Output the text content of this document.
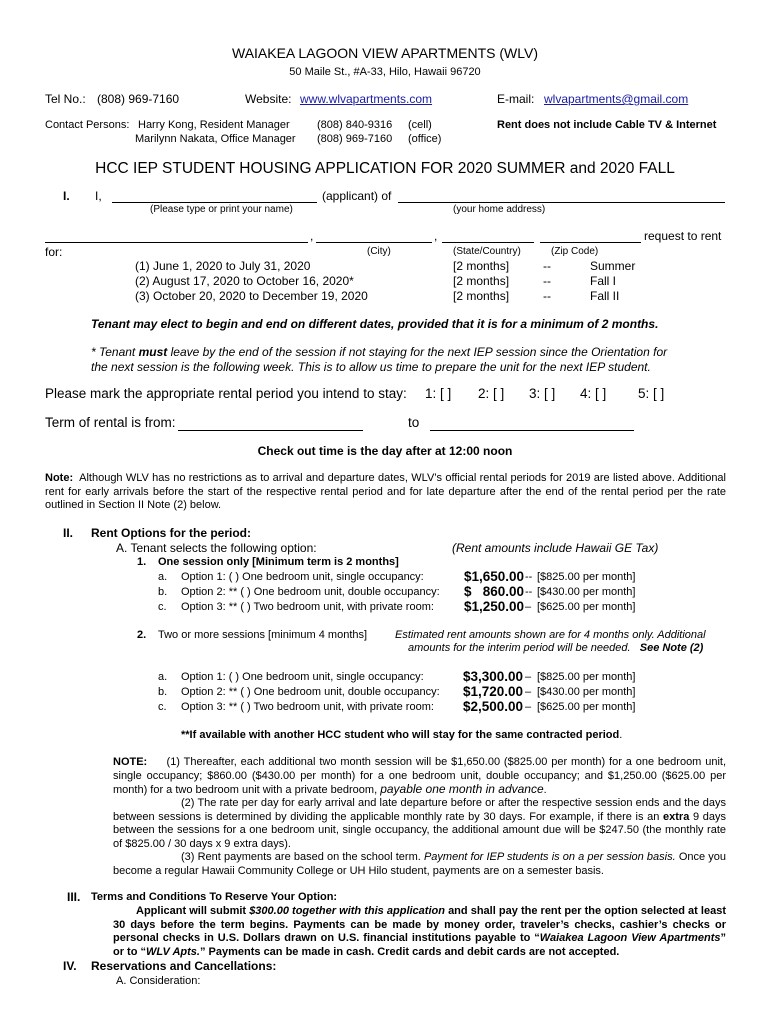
WAIAKEA LAGOON VIEW APARTMENTS (WLV)
50 Maile St., #A-33, Hilo, Hawaii 96720
Tel No.: (808) 969-7160	Website: www.wlvapartments.com	E-mail: wlvapartments@gmail.com
Contact Persons: Harry Kong, Resident Manager (808) 840-9316 (cell)
Marilynn Nakata, Office Manager (808) 969-7160 (office)
Rent does not include Cable TV & Internet
HCC IEP STUDENT HOUSING APPLICATION FOR 2020 SUMMER and 2020 FALL
I. I,	(applicant) of
(Please type or print your name)	(your home address)
,	,	request to rent
for:	(City)	(State/Country)	(Zip Code)
(1) June 1, 2020 to July 31, 2020	[2 months]	--	Summer
(2) August 17, 2020 to October 16, 2020*	[2 months]	--	Fall I
(3) October 20, 2020 to December 19, 2020	[2 months]	--	Fall II
Tenant may elect to begin and end on different dates, provided that it is for a minimum of 2 months.
* Tenant must leave by the end of the session if not staying for the next IEP session since the Orientation for
the next session is the following week. This is to allow us time to prepare the unit for the next IEP student.
Please mark the appropriate rental period you intend to stay: 1: [ ] 2: [ ] 3: [ ] 4: [ ] 5: [ ]
Term of rental is from:	to
Check out time is the day after at 12:00 noon
Note: Although WLV has no restrictions as to arrival and departure dates, WLV’s official rental periods for 2019 are listed above. Additional rent for early arrivals before the start of the respective rental period and for late departure after the end of the rental period per the rate outlined in Section II Note (2) below.
II. Rent Options for the period:
A. Tenant selects the following option:	(Rent amounts include Hawaii GE Tax)
1. One session only [Minimum term is 2 months]
a. Option 1: ( ) One bedroom unit, single occupancy:	$1,650.00 -- [$825.00 per month]
b. Option 2: ** ( ) One bedroom unit, double occupancy: $   860.00 -- [$430.00 per month]
c. Option 3: ** ( ) Two bedroom unit, with private room: $1,250.00 – [$625.00 per month]
2. Two or more sessions [minimum 4 months]	Estimated rent amounts shown are for 4 months only. Additional
amounts for the interim period will be needed. See Note (2)
a. Option 1: ( ) One bedroom unit, single occupancy:	$3,300.00 – [$825.00 per month]
b. Option 2: ** ( ) One bedroom unit, double occupancy: $1,720.00 – [$430.00 per month]
c. Option 3: ** ( ) Two bedroom unit, with private room: $2,500.00 – [$625.00 per month]
**If available with another HCC student who will stay for the same contracted period.
NOTE: (1) Thereafter, each additional two month session will be $1,650.00 ($825.00 per month) for a one bedroom unit, single occupancy; $860.00 ($430.00 per month) for a one bedroom unit, double occupancy; and $1,250.00 ($625.00 per month) for a two bedroom unit with a private bedroom, payable one month in advance.
(2) The rate per day for early arrival and late departure before or after the respective session ends and the days between sessions is determined by dividing the applicable monthly rate by 30 days. For example, if there is an extra 9 days between the sessions for a one bedroom unit, single occupancy, the additional amount due will be $247.50 (the monthly rate of $825.00 / 30 days x 9 extra days).
(3) Rent payments are based on the school term. Payment for IEP students is on a per session basis. Once you become a regular Hawaii Community College or UH Hilo student, payments are on a semester basis.
III. Terms and Conditions To Reserve Your Option:
Applicant will submit $300.00 together with this application and shall pay the rent per the option selected at least 30 days before the term begins. Payments can be made by money order, traveler’s checks, cashier’s checks or personal checks in U.S. Dollars drawn on U.S. financial institutions payable to “Waiakea Lagoon View Apartments” or to “WLV Apts.” Payments can be made in cash. Credit cards and debit cards are not accepted.
IV. Reservations and Cancellations:
A. Consideration:
